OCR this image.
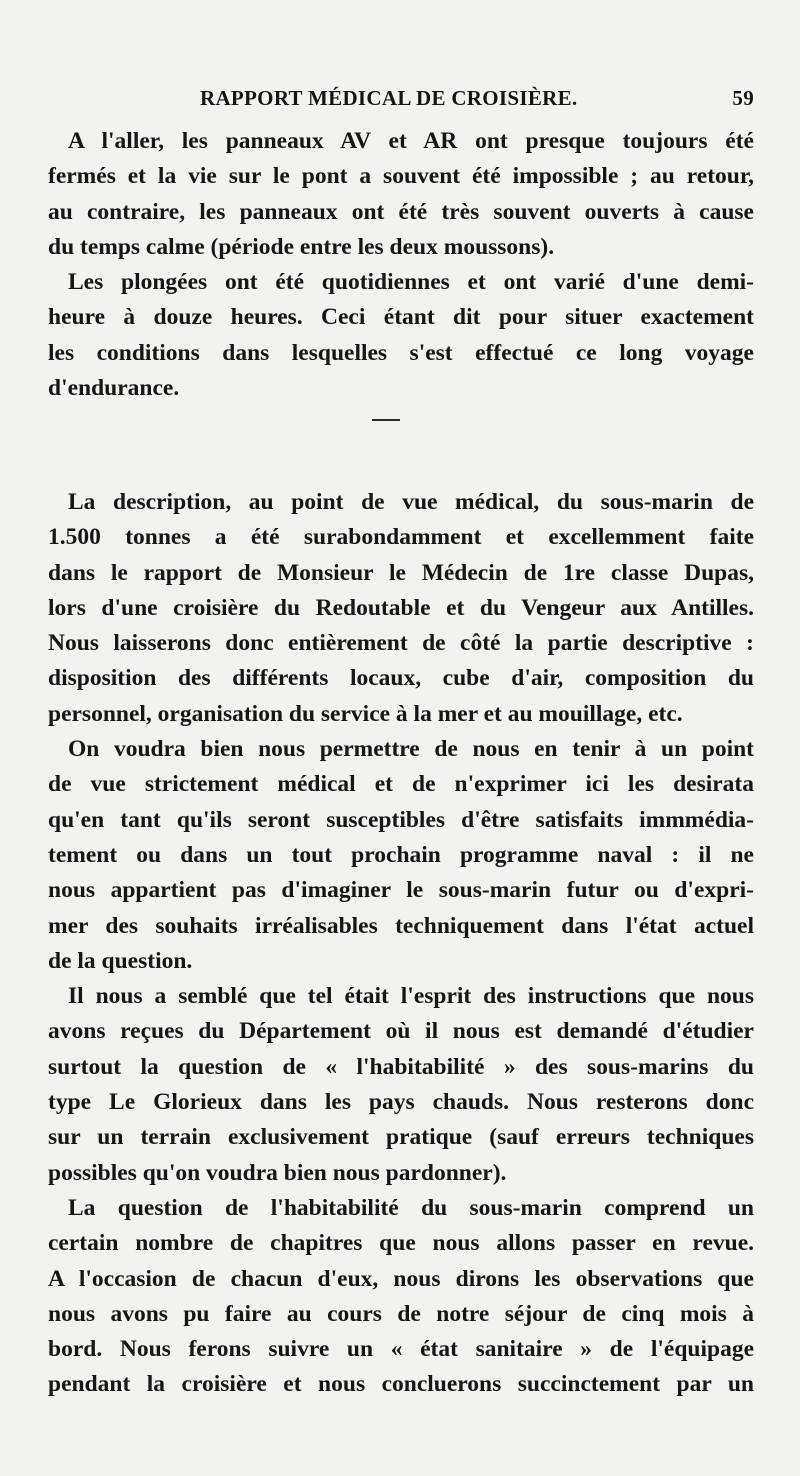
RAPPORT MÉDICAL DE CROISIÈRE.	59
A l'aller, les panneaux AV et AR ont presque toujours été
fermés et la vie sur le pont a souvent été impossible ; au retour,
au contraire, les panneaux ont été très souvent ouverts à cause
du temps calme (période entre les deux moussons).
Les plongées ont été quotidiennes et ont varié d'une demi-
heure à douze heures. Ceci étant dit pour situer exactement
les conditions dans lesquelles s'est effectué ce long voyage
d'endurance.
La description, au point de vue médical, du sous-marin de
1.500 tonnes a été surabondamment et excellemment faite
dans le rapport de Monsieur le Médecin de 1re classe Dupas,
lors d'une croisière du Redoutable et du Vengeur aux Antilles.
Nous laisserons donc entièrement de côté la partie descriptive :
disposition des différents locaux, cube d'air, composition du
personnel, organisation du service à la mer et au mouillage, etc.
On voudra bien nous permettre de nous en tenir à un point
de vue strictement médical et de n'exprimer ici les desirata
qu'en tant qu'ils seront susceptibles d'être satisfaits immmédia-
tement ou dans un tout prochain programme naval : il ne
nous appartient pas d'imaginer le sous-marin futur ou d'expri-
mer des souhaits irréalisables techniquement dans l'état actuel
de la question.
Il nous a semblé que tel était l'esprit des instructions que nous
avons reçues du Département où il nous est demandé d'étudier
surtout la question de « l'habitabilité » des sous-marins du
type Le Glorieux dans les pays chauds. Nous resterons donc
sur un terrain exclusivement pratique (sauf erreurs techniques
possibles qu'on voudra bien nous pardonner).
La question de l'habitabilité du sous-marin comprend un
certain nombre de chapitres que nous allons passer en revue.
A l'occasion de chacun d'eux, nous dirons les observations que
nous avons pu faire au cours de notre séjour de cinq mois à
bord. Nous ferons suivre un « état sanitaire » de l'équipage
pendant la croisière et nous concluerons succinctement par un
